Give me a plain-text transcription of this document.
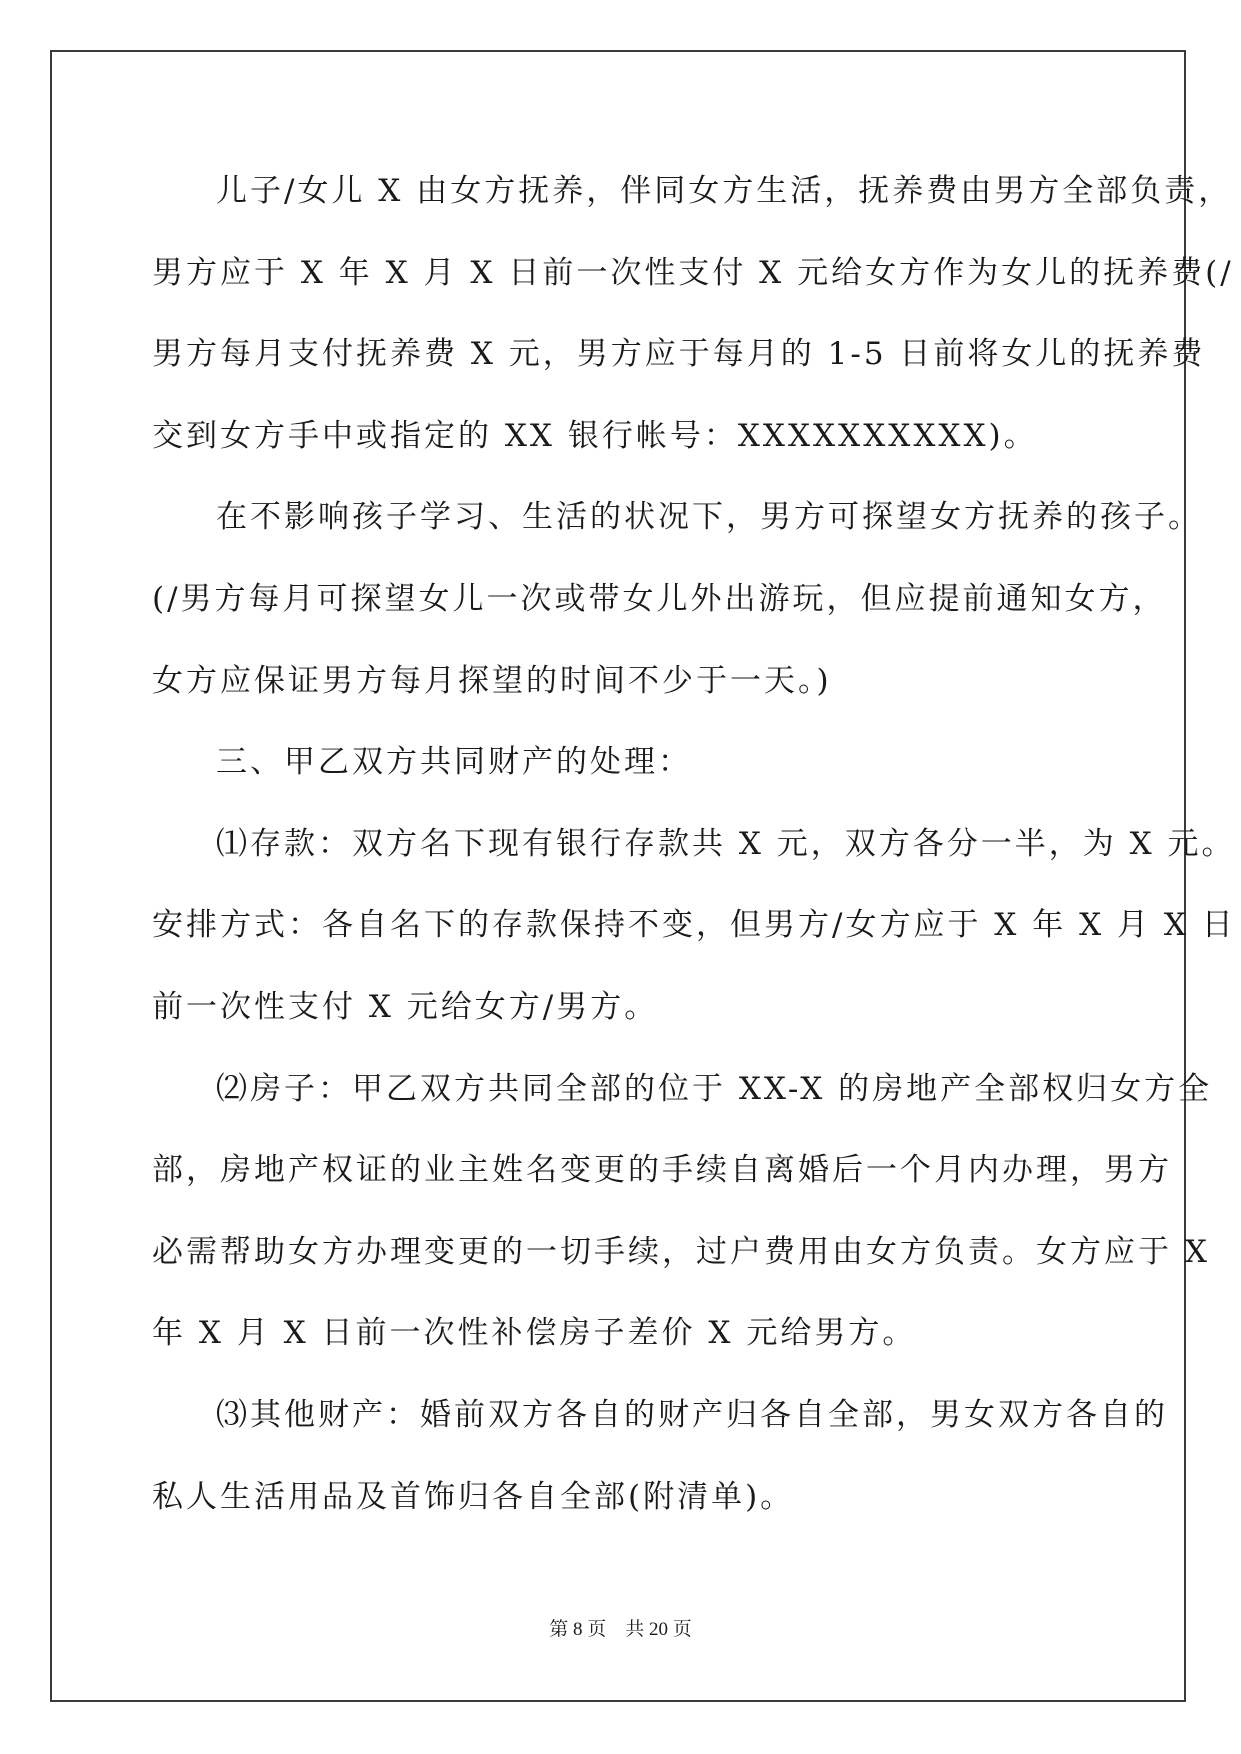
儿子/女儿 X 由女方抚养，伴同女方生活，抚养费由男方全部负责，
男方应于 X 年 X 月 X 日前一次性支付 X 元给女方作为女儿的抚养费(/
男方每月支付抚养费 X 元，男方应于每月的 1-5 日前将女儿的抚养费
交到女方手中或指定的 XX 银行帐号：XXXXXXXXXX)。
在不影响孩子学习、生活的状况下，男方可探望女方抚养的孩子。
(/男方每月可探望女儿一次或带女儿外出游玩，但应提前通知女方，
女方应保证男方每月探望的时间不少于一天。)
三、甲乙双方共同财产的处理：
⑴存款：双方名下现有银行存款共 X 元，双方各分一半，为 X 元。
安排方式：各自名下的存款保持不变，但男方/女方应于 X 年 X 月 X 日
前一次性支付 X 元给女方/男方。
⑵房子：甲乙双方共同全部的位于 XX-X 的房地产全部权归女方全
部，房地产权证的业主姓名变更的手续自离婚后一个月内办理，男方
必需帮助女方办理变更的一切手续，过户费用由女方负责。女方应于 X
年 X 月 X 日前一次性补偿房子差价 X 元给男方。
⑶其他财产：婚前双方各自的财产归各自全部，男女双方各自的
私人生活用品及首饰归各自全部(附清单)。
第 8 页　共 20 页
